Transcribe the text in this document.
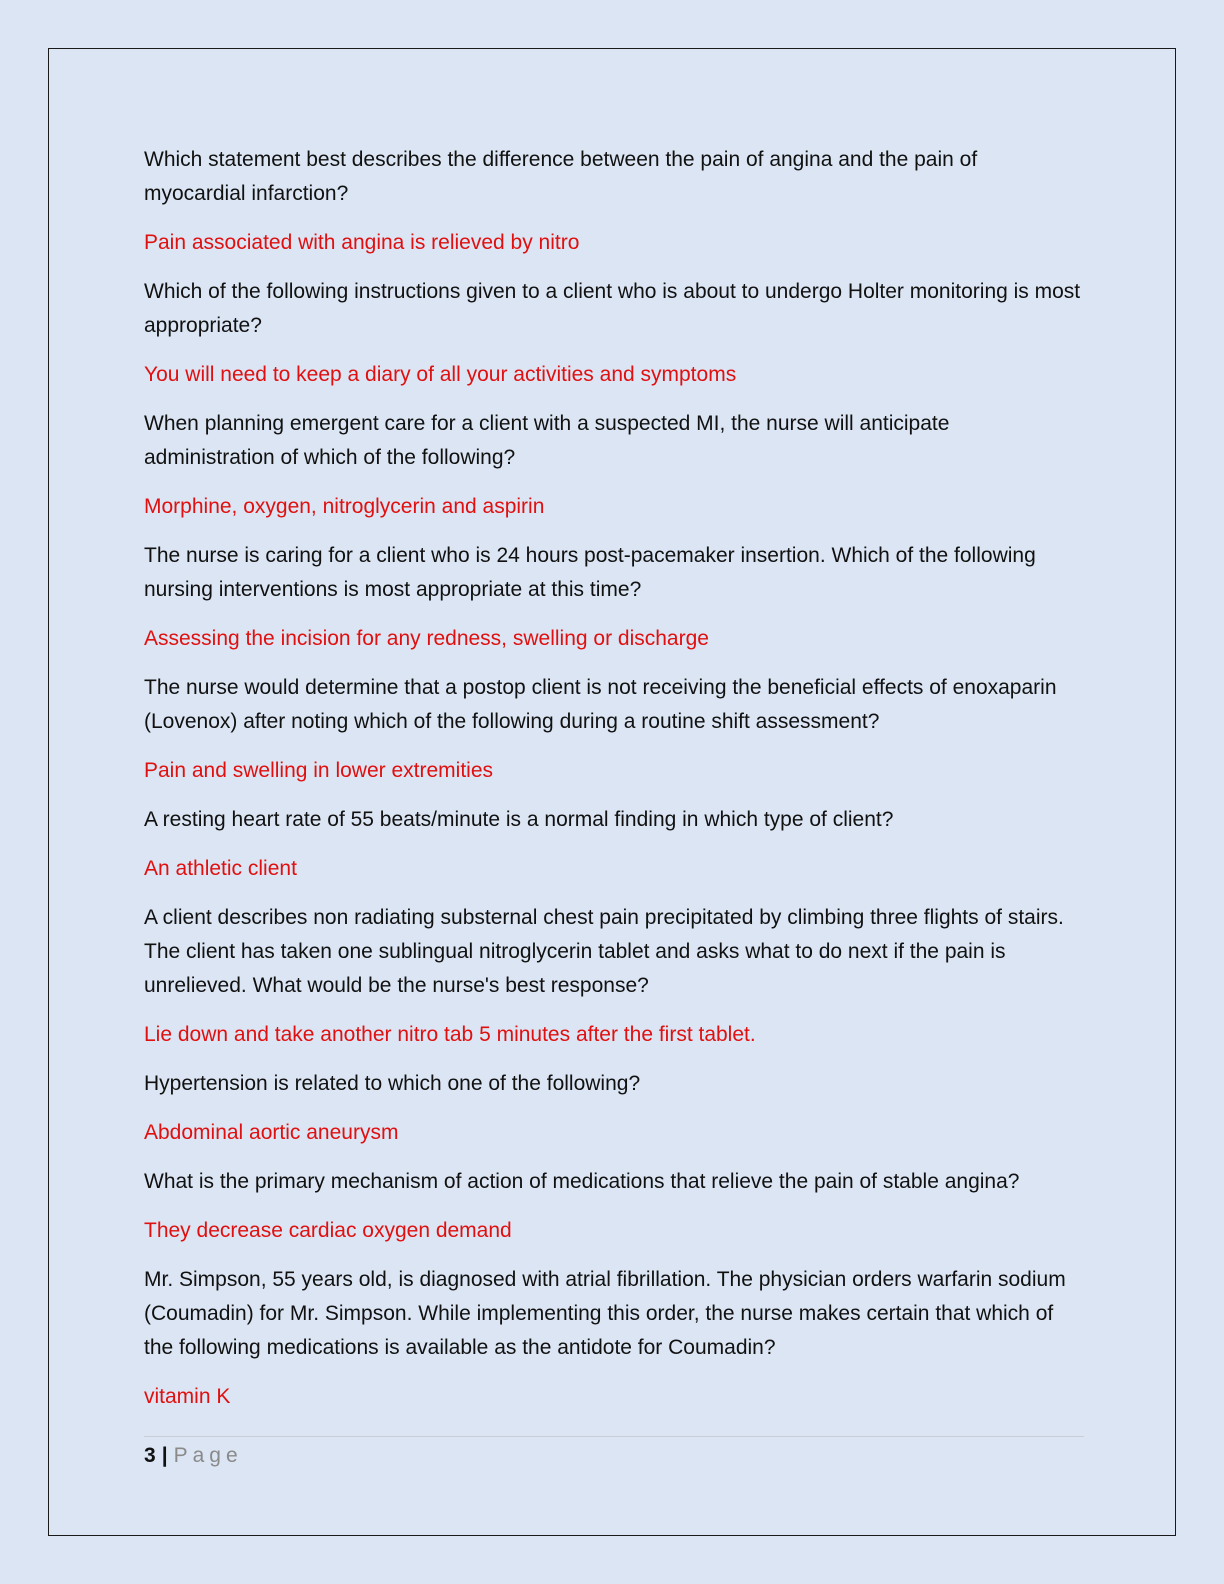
Which statement best describes the difference between the pain of angina and the pain of myocardial infarction?

Pain associated with angina is relieved by nitro

Which of the following instructions given to a client who is about to undergo Holter monitoring is most appropriate?

You will need to keep a diary of all your activities and symptoms

When planning emergent care for a client with a suspected MI, the nurse will anticipate administration of which of the following?

Morphine, oxygen, nitroglycerin and aspirin

The nurse is caring for a client who is 24 hours post-pacemaker insertion. Which of the following nursing interventions is most appropriate at this time?

Assessing the incision for any redness, swelling or discharge

The nurse would determine that a postop client is not receiving the beneficial effects of enoxaparin (Lovenox) after noting which of the following during a routine shift assessment?

Pain and swelling in lower extremities

A resting heart rate of 55 beats/minute is a normal finding in which type of client?

An athletic client

A client describes non radiating substernal chest pain precipitated by climbing three flights of stairs. The client has taken one sublingual nitroglycerin tablet and asks what to do next if the pain is unrelieved. What would be the nurse's best response?

Lie down and take another nitro tab 5 minutes after the first tablet.

Hypertension is related to which one of the following?

Abdominal aortic aneurysm

What is the primary mechanism of action of medications that relieve the pain of stable angina?

They decrease cardiac oxygen demand

Mr. Simpson, 55 years old, is diagnosed with atrial fibrillation. The physician orders warfarin sodium (Coumadin) for Mr. Simpson. While implementing this order, the nurse makes certain that which of the following medications is available as the antidote for Coumadin?

vitamin K

3 | Page
